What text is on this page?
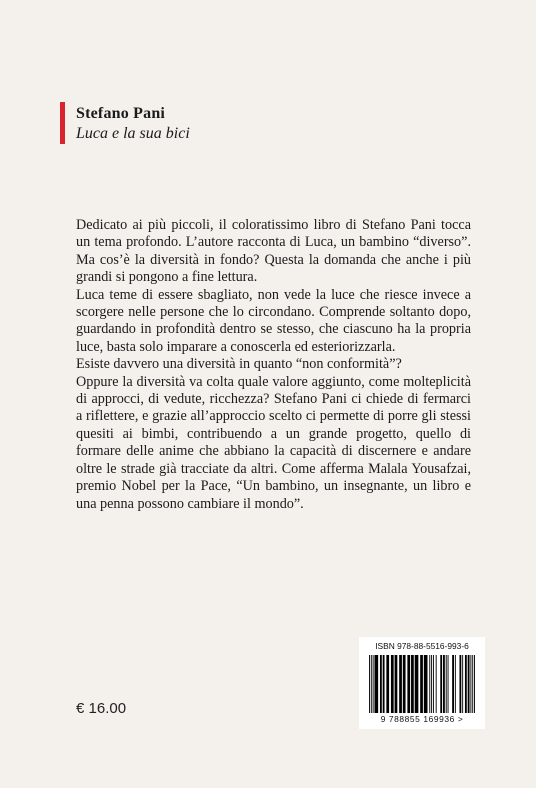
Stefano Pani
Luca e la sua bici

Dedicato ai più piccoli, il coloratissimo libro di Stefano Pani tocca un tema profondo. L’autore racconta di Luca, un bambino “diverso”. Ma cos’è la diversità in fondo? Questa la domanda che anche i più grandi si pongono a fine lettura.

Luca teme di essere sbagliato, non vede la luce che riesce invece a scorgere nelle persone che lo circondano. Comprende soltanto dopo, guardando in profondità dentro se stesso, che ciascuno ha la propria luce, basta solo imparare a conoscerla ed esteriorizzarla.

Esiste davvero una diversità in quanto “non conformità”?

Oppure la diversità va colta quale valore aggiunto, come molteplicità di approcci, di vedute, ricchezza? Stefano Pani ci chiede di fermarci a riflettere, e grazie all’approccio scelto ci permette di porre gli stessi quesiti ai bimbi, contribuendo a un grande progetto, quello di formare delle anime che abbiano la capacità di discernere e andare oltre le strade già tracciate da altri. Come afferma Malala Yousafzai, premio Nobel per la Pace, “Un bambino, un insegnante, un libro e una penna possono cambiare il mondo”.

€ 16.00
ISBN 978-88-5516-993-6
9 788855 169936 >
